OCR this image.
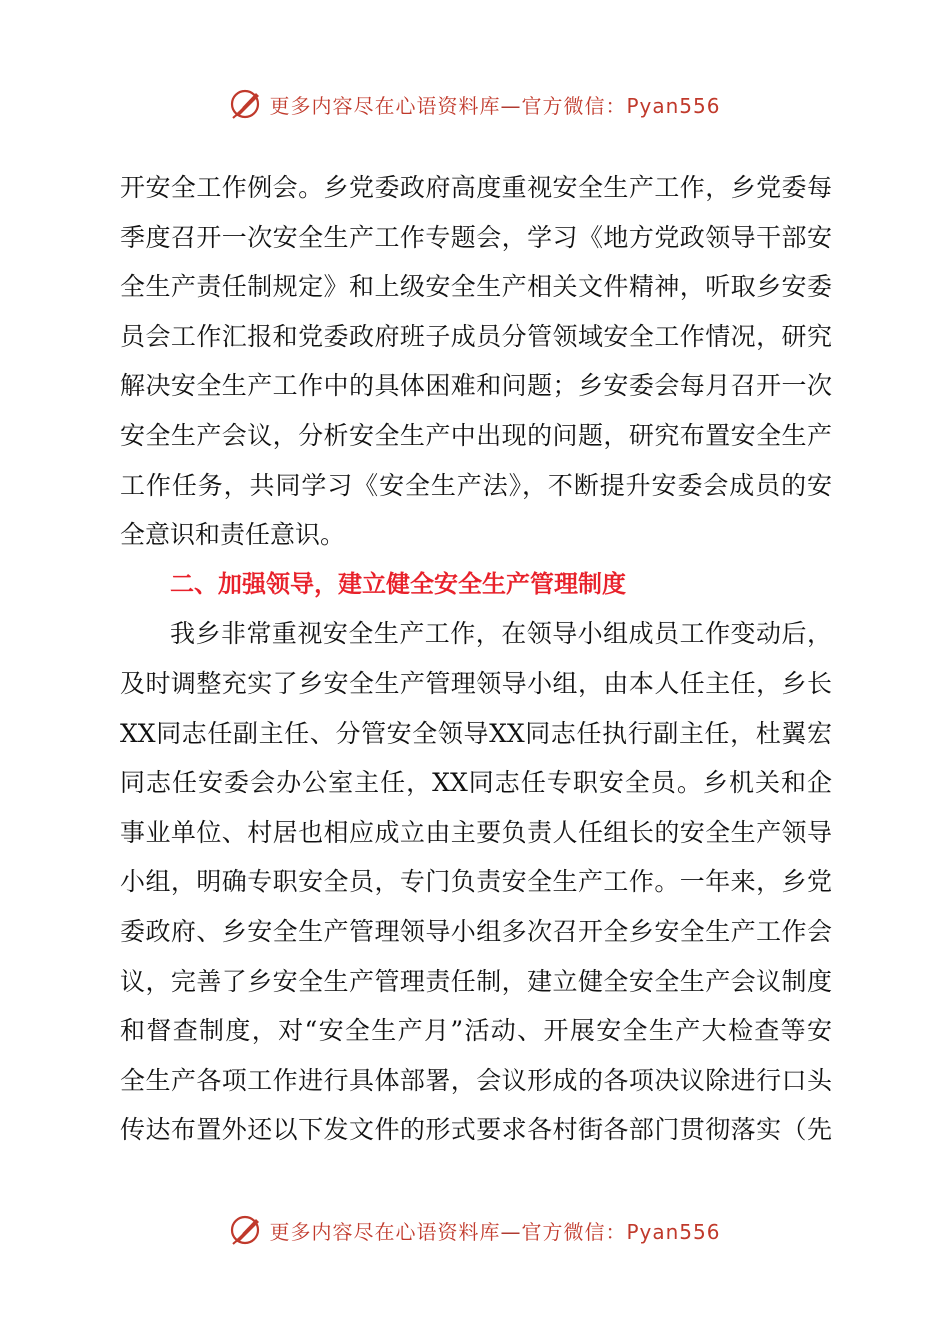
更多内容尽在心语资料库—官方微信：Pyan556
开安全工作例会。乡党委政府高度重视安全生产工作，乡党委每
季度召开一次安全生产工作专题会，学习《地方党政领导干部安
全生产责任制规定》和上级安全生产相关文件精神，听取乡安委
员会工作汇报和党委政府班子成员分管领域安全工作情况，研究
解决安全生产工作中的具体困难和问题；乡安委会每月召开一次
安全生产会议，分析安全生产中出现的问题，研究布置安全生产
工作任务，共同学习《安全生产法》，不断提升安委会成员的安
全意识和责任意识。
二、加强领导，建立健全安全生产管理制度
我乡非常重视安全生产工作，在领导小组成员工作变动后，
及时调整充实了乡安全生产管理领导小组，由本人任主任，乡长
XX同志任副主任、分管安全领导XX同志任执行副主任，杜翼宏
同志任安委会办公室主任，XX同志任专职安全员。乡机关和企
事业单位、村居也相应成立由主要负责人任组长的安全生产领导
小组，明确专职安全员，专门负责安全生产工作。一年来，乡党
委政府、乡安全生产管理领导小组多次召开全乡安全生产工作会
议，完善了乡安全生产管理责任制，建立健全安全生产会议制度
和督查制度，对“安全生产月”活动、开展安全生产大检查等安
全生产各项工作进行具体部署，会议形成的各项决议除进行口头
传达布置外还以下发文件的形式要求各村街各部门贯彻落实（先
更多内容尽在心语资料库—官方微信：Pyan556
